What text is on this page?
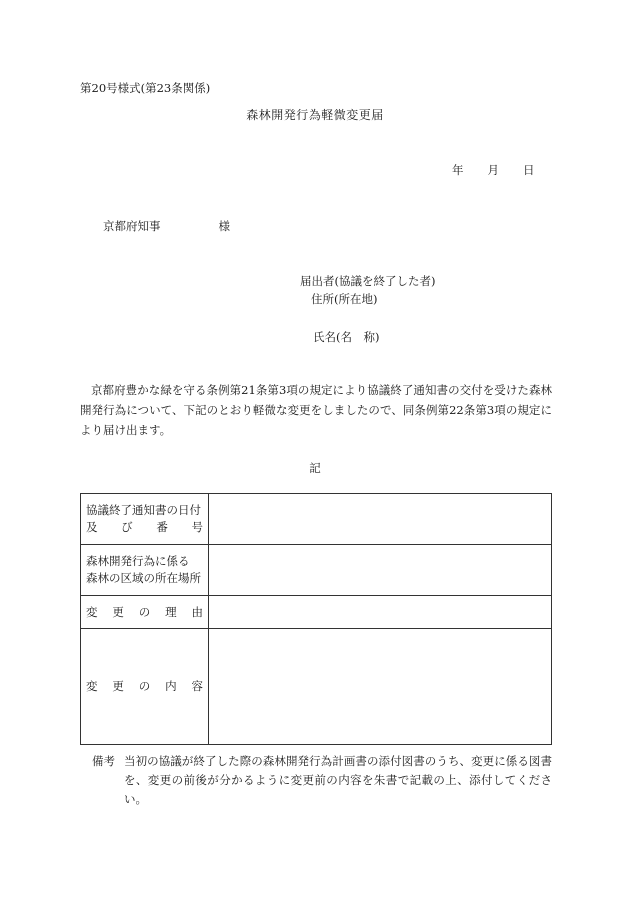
第20号様式(第23条関係)
森林開発行為軽微変更届
年 月 日
京都府知事	様
届出者(協議を終了した者)
住所(所在地)
氏名(名　称)
京都府豊かな緑を守る条例第21条第3項の規定により協議終了通知書の交付を受けた森林開発行為について、下記のとおり軽微な変更をしましたので、同条例第22条第3項の規定により届け出ます。
記
協議終了通知書の日付
及 び 番 号	

森林開発行為に係る
森林の区域の所在場所	

変 更 の 理 由	

変 更 の 内 容	

備考 当初の協議が終了した際の森林開発行為計画書の添付図書のうち、変更に係る図書を、変更の前後が分かるように変更前の内容を朱書で記載の上、添付してください。
